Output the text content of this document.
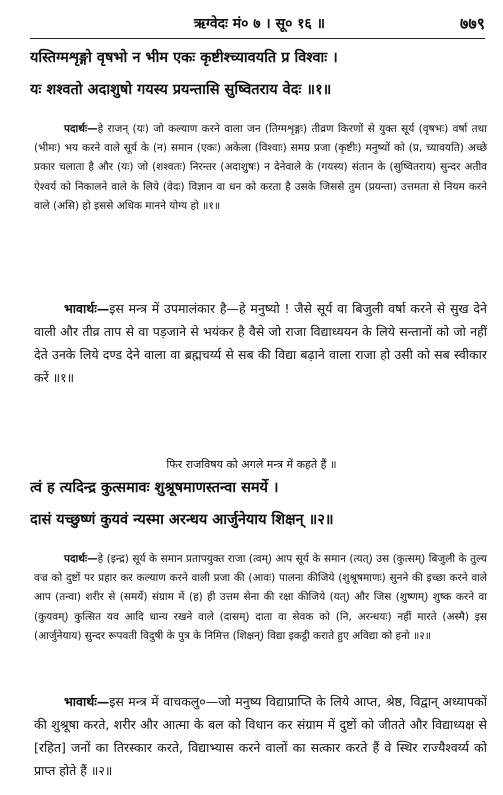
ऋग्वेदः मं० ७ । सू० १६ ॥	७७९
यस्तिग्मशृङ्गो वृषभो न भीम एकः कृष्टीश्च्यावयति प्र विश्वाः ।
यः शश्वतो अदाशुषो गयस्य प्रयन्तासि सुष्वितराय वेदः ॥१॥
पदार्थः—हे राजन् (यः) जो कल्याण करने वाला जन (तिग्मशृङ्गः) तीव्रण किरणों से युक्त सूर्य (वृषभः) वर्षा तथा (भीमः) भय करने वाले सूर्य के (न) समान (एकः) अकेला (विश्वाः) समग्र प्रजा (कृष्टीः) मनुष्यों को (प्र, च्यावयति) अच्छे प्रकार चलाता है और (यः) जो (शश्वतः) निरन्तर (अदाशुषः) न देनेवाले के (गयस्य) संतान के (सुष्वितराय) सुन्दर अतीव ऐश्वर्य को निकालने वाले के लिये (वेदः) विज्ञान वा धन को करता है उसके जिससे तुम (प्रयन्ता) उत्तमता से नियम करने वाले (असि) हो इससे अधिक मानने योग्य हो ॥१॥
भावार्थः—इस मन्त्र में उपमालंकार है—हे मनुष्यो ! जैसे सूर्य वा बिजुली वर्षा करने से सुख देने वाली और तीव्र ताप से वा पड़जाने से भयंकर है वैसे जो राजा विद्याध्ययन के लिये सन्तानों को जो नहीं देते उनके लिये दण्ड देने वाला वा ब्रह्मचर्य्य से सब की विद्या बढ़ाने वाला राजा हो उसी को सब स्वीकार करें ॥१॥
फिर राजविषय को अगले मन्त्र में कहते हैं ॥
त्वं ह त्यदिन्द्र कुत्समावः शुश्रूषमाणस्तन्वा समर्ये ।
दासं यच्छुष्णं कुयवं न्यस्मा अरन्धय आर्जुनेयाय शिक्षन् ॥२॥
पदार्थः—हे (इन्द्र) सूर्य के समान प्रतापयुक्त राजा (त्वम्) आप सूर्य के समान (त्यत्) उस (कुत्सम्) बिजुली के तुल्य वज्र को दुष्टों पर प्रहार कर कल्याण करने वाली प्रजा की (आवः) पालना कीजिये (शुश्रूषमाणः) सुनने की इच्छा करने वाले आप (तन्वा) शरीर से (समर्ये) संग्राम में (ह) ही उत्तम सेना की रक्षा कीजिये (यत्) और जिस (शुष्णम्) शुष्क करने वा (कुयवम्) कुत्सित यव आदि धान्य रखने वाले (दासम्) दाता वा सेवक को (नि, अरन्धयः) नहीं मारते (अस्मै) इस (आर्जुनेयाय) सुन्दर रूपवती विदुषी के पुत्र के निमित्त (शिक्षन्) विद्या इकट्ठी कराते हुए अविद्या को हनो ॥२॥
भावार्थः—इस मन्त्र में वाचकलु०—जो मनुष्य विद्याप्राप्ति के लिये आप्त, श्रेष्ठ, विद्वान् अध्यापकों की शुश्रूषा करते, शरीर और आत्मा के बल को विधान कर संग्राम में दुष्टों को जीतते और विद्याध्यक्ष से [रहित] जनों का तिरस्कार करते, विद्याभ्यास करने वालों का सत्कार करते हैं वे स्थिर राज्यैश्वर्य्य को प्राप्त होते हैं ॥२॥
